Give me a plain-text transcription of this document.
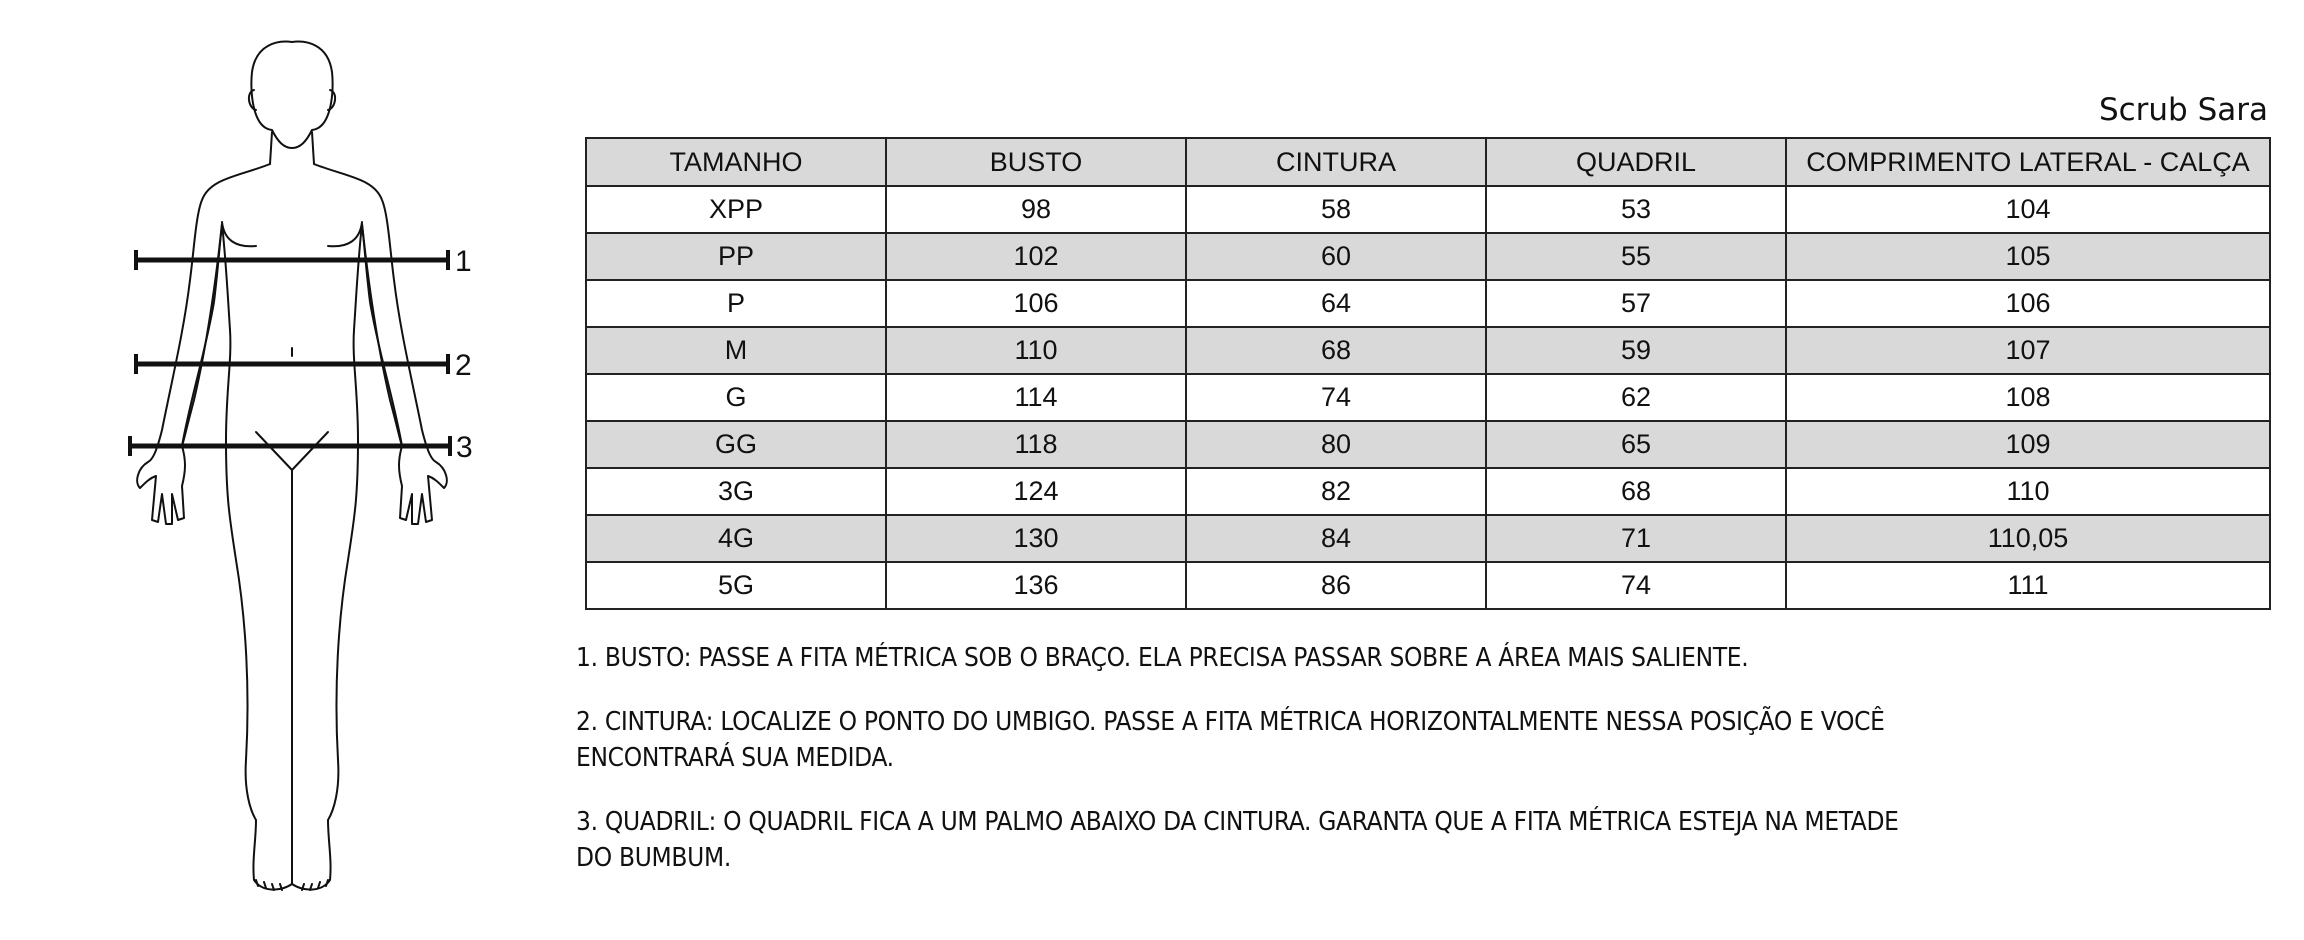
1
2
3
Scrub Sara
TAMANHO	BUSTO	CINTURA	QUADRIL	COMPRIMENTO LATERAL - CALÇA
XPP	98	58	53	104
PP	102	60	55	105
P	106	64	57	106
M	110	68	59	107
G	114	74	62	108
GG	118	80	65	109
3G	124	82	68	110
4G	130	84	71	110,05
5G	136	86	74	111

1. BUSTO: PASSE A FITA MÉTRICA SOB O BRAÇO. ELA PRECISA PASSAR SOBRE A ÁREA MAIS SALIENTE.

2. CINTURA: LOCALIZE O PONTO DO UMBIGO. PASSE A FITA MÉTRICA HORIZONTALMENTE NESSA POSIÇÃO E VOCÊ ENCONTRARÁ SUA MEDIDA.

3. QUADRIL: O QUADRIL FICA A UM PALMO ABAIXO DA CINTURA. GARANTA QUE A FITA MÉTRICA ESTEJA NA METADE DO BUMBUM.
